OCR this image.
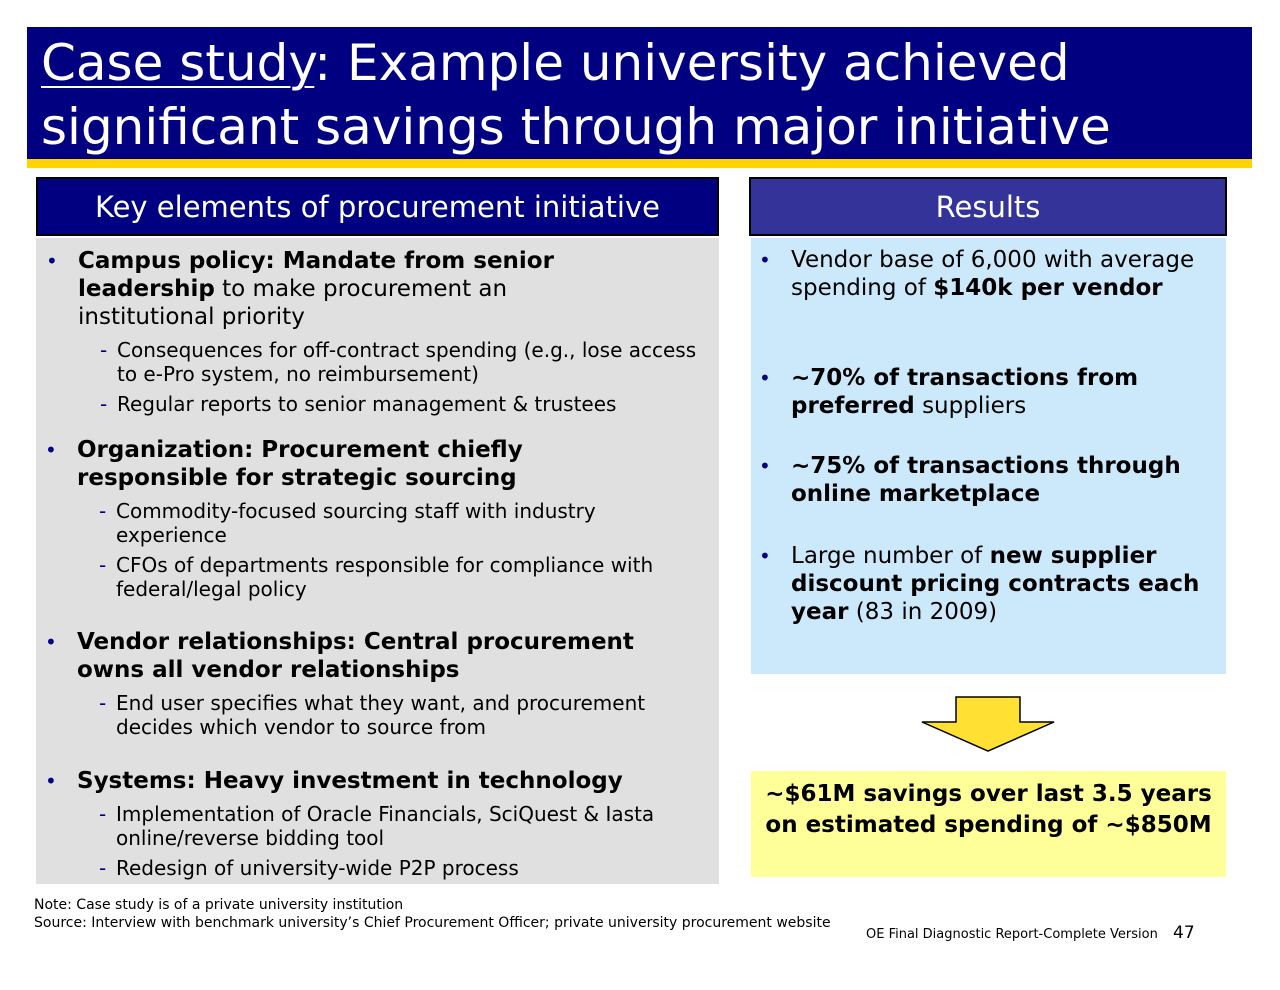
Case study: Example university achieved
significant savings through major initiative
Key elements of procurement initiative
• Campus policy: Mandate from senior leadership to make procurement an institutional priority
- Consequences for off-contract spending (e.g., lose access to e-Pro system, no reimbursement)
- Regular reports to senior management & trustees
• Organization: Procurement chiefly responsible for strategic sourcing
- Commodity-focused sourcing staff with industry experience
- CFOs of departments responsible for compliance with federal/legal policy
• Vendor relationships: Central procurement owns all vendor relationships
- End user specifies what they want, and procurement decides which vendor to source from
• Systems: Heavy investment in technology
- Implementation of Oracle Financials, SciQuest & Iasta online/reverse bidding tool
- Redesign of university-wide P2P process
Results
• Vendor base of 6,000 with average spending of $140k per vendor
• ~70% of transactions from preferred suppliers
• ~75% of transactions through online marketplace
• Large number of new supplier discount pricing contracts each year (83 in 2009)
~$61M savings over last 3.5 years on estimated spending of ~$850M
Note: Case study is of a private university institution
Source: Interview with benchmark university’s Chief Procurement Officer; private university procurement website
OE Final Diagnostic Report-Complete Version 47
